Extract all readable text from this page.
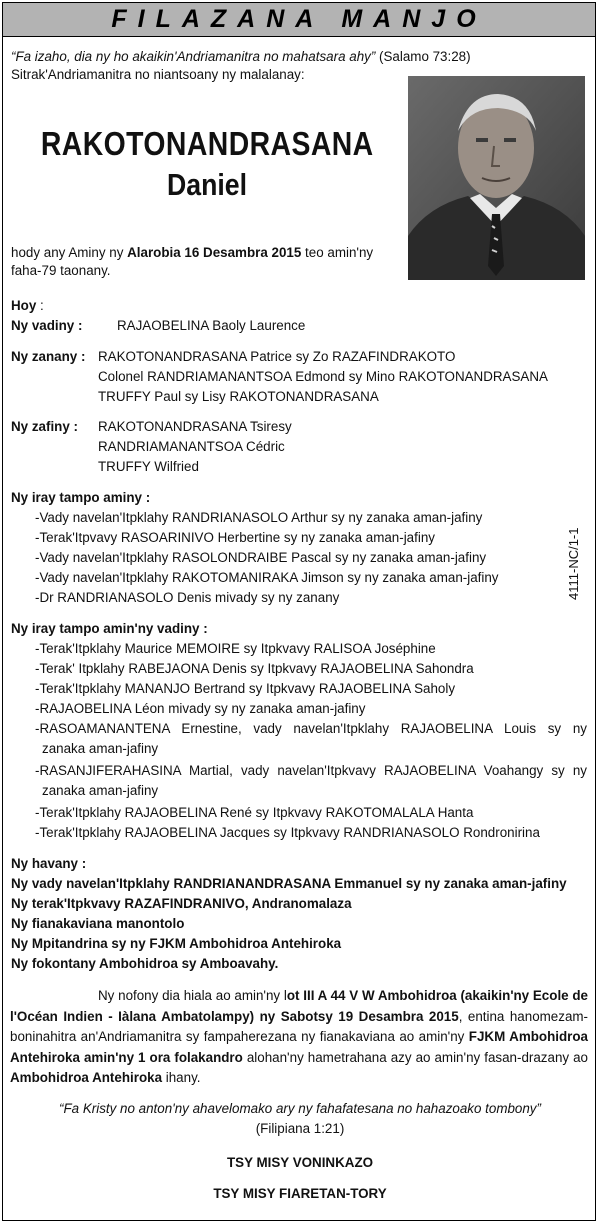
FILAZANA MANJO
“Fa izaho, dia ny ho akaikin'Andriamanitra no mahatsara ahy” (Salamo 73:28)
Sitrak'Andriamanitra no niantsoany ny malalanay:
RAKOTONANDRASANA
Daniel
hody any Aminy ny Alarobia 16 Desambra 2015 teo amin'ny
faha-79 taonany.
Hoy :
Ny vadiny :	RAJAOBELINA Baoly Laurence
Ny zanany : RAKOTONANDRASANA Patrice sy Zo RAZAFINDRAKOTO
Colonel RANDRIAMANANTSOA Edmond sy Mino RAKOTONANDRASANA
TRUFFY Paul sy Lisy RAKOTONANDRASANA
Ny zafiny : RAKOTONANDRASANA Tsiresy
RANDRIAMANANTSOA Cédric
TRUFFY Wilfried
Ny iray tampo aminy :
-Vady navelan'Itpklahy RANDRIANASOLO Arthur sy ny zanaka aman-jafiny
-Terak'Itpvavy RASOARINIVO Herbertine sy ny zanaka aman-jafiny
-Vady navelan'Itpklahy RASOLONDRAIBE Pascal sy ny zanaka aman-jafiny
-Vady navelan'Itpklahy RAKOTOMANIRAKA Jimson sy ny zanaka aman-jafiny
-Dr RANDRIANASOLO Denis mivady sy ny zanany	4111-NC/1-1
Ny iray tampo amin'ny vadiny :
-Terak'Itpklahy Maurice MEMOIRE sy Itpkvavy RALISOA Joséphine
-Terak' Itpklahy RABEJAONA Denis sy Itpkvavy RAJAOBELINA Sahondra
-Terak'Itpklahy MANANJO Bertrand sy Itpkvavy RAJAOBELINA Saholy
-RAJAOBELINA Léon mivady sy ny zanaka aman-jafiny
-RASOAMANANTENA Ernestine, vady navelan'Itpklahy RAJAOBELINA Louis sy ny
zanaka aman-jafiny
-RASANJIFERAHASINA Martial, vady navelan'Itpkvavy RAJAOBELINA Voahangy sy ny
zanaka aman-jafiny
-Terak'Itpklahy RAJAOBELINA René sy Itpkvavy RAKOTOMALALA Hanta
-Terak'Itpklahy RAJAOBELINA Jacques sy Itpkvavy RANDRIANASOLO Rondronirina
Ny havany :
Ny vady navelan'Itpklahy RANDRIANANDRASANA Emmanuel sy ny zanaka aman-jafiny
Ny terak'Itpkvavy RAZAFINDRANIVO, Andranomalaza
Ny fianakaviana manontolo
Ny Mpitandrina sy ny FJKM Ambohidroa Antehiroka
Ny fokontany Ambohidroa sy Amboavahy.
Ny nofony dia hiala ao amin'ny lot III A 44 V W Ambohidroa (akaikin'ny Ecole de l'Océan Indien - Iàlana Ambatolampy) ny Sabotsy 19 Desambra 2015, entina hanomezam-boninahitra an'Andriamanitra sy fampaherezana ny fianakaviana ao amin'ny FJKM Ambohidroa Antehiroka amin'ny 1 ora folakandro alohan'ny hametrahana azy ao amin'ny fasan-drazany ao Ambohidroa Antehiroka ihany.
“Fa Kristy no anton'ny ahavelomako ary ny fahafatesana no hahazoako tombony”
(Filipiana 1:21)
TSY MISY VONINKAZO
TSY MISY FIARETAN-TORY
